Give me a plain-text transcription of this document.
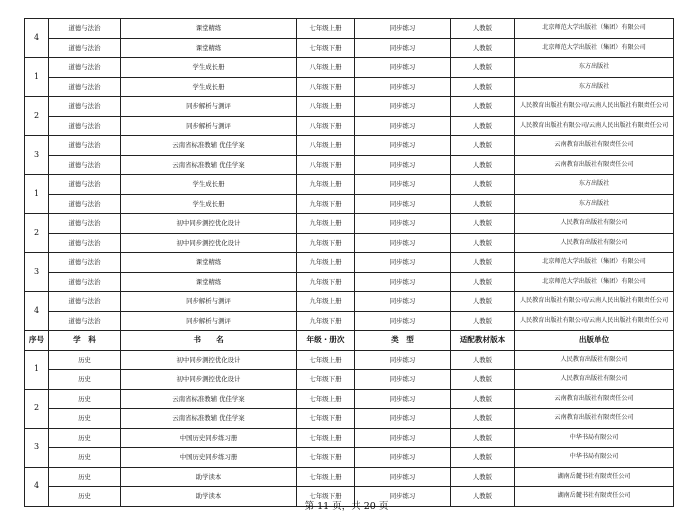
4	道德与法治	课堂精练	七年级上册	同步练习	人教版	北京师范大学出版社（集团）有限公司
	道德与法治	课堂精练	七年级下册	同步练习	人教版	北京师范大学出版社（集团）有限公司
1	道德与法治	学生成长册	八年级上册	同步练习	人教版	东方出版社
	道德与法治	学生成长册	八年级下册	同步练习	人教版	东方出版社
2	道德与法治	同步解析与测评	八年级上册	同步练习	人教版	人民教育出版社有限公司/云南人民出版社有限责任公司
	道德与法治	同步解析与测评	八年级下册	同步练习	人教版	人民教育出版社有限公司/云南人民出版社有限责任公司
3	道德与法治	云南省标准教辅 优佳学案	八年级上册	同步练习	人教版	云南教育出版社有限责任公司
	道德与法治	云南省标准教辅 优佳学案	八年级下册	同步练习	人教版	云南教育出版社有限责任公司
1	道德与法治	学生成长册	九年级上册	同步练习	人教版	东方出版社
	道德与法治	学生成长册	九年级下册	同步练习	人教版	东方出版社
2	道德与法治	初中同步测控优化设计	九年级上册	同步练习	人教版	人民教育出版社有限公司
	道德与法治	初中同步测控优化设计	九年级下册	同步练习	人教版	人民教育出版社有限公司
3	道德与法治	课堂精练	九年级上册	同步练习	人教版	北京师范大学出版社（集团）有限公司
	道德与法治	课堂精练	九年级下册	同步练习	人教版	北京师范大学出版社（集团）有限公司
4	道德与法治	同步解析与测评	九年级上册	同步练习	人教版	人民教育出版社有限公司/云南人民出版社有限责任公司
	道德与法治	同步解析与测评	九年级下册	同步练习	人教版	人民教育出版社有限公司/云南人民出版社有限责任公司
序号	学　科	书　　名	年级・册次	类　型	适配教材版本	出版单位
1	历史	初中同步测控优化设计	七年级上册	同步练习	人教版	人民教育出版社有限公司
	历史	初中同步测控优化设计	七年级下册	同步练习	人教版	人民教育出版社有限公司
2	历史	云南省标准教辅 优佳学案	七年级上册	同步练习	人教版	云南教育出版社有限责任公司
	历史	云南省标准教辅 优佳学案	七年级下册	同步练习	人教版	云南教育出版社有限责任公司
3	历史	中国历史同步练习册	七年级上册	同步练习	人教版	中华书局有限公司
	历史	中国历史同步练习册	七年级下册	同步练习	人教版	中华书局有限公司
4	历史	助学读本	七年级上册	同步练习	人教版	湖南岳麓书社有限责任公司
	历史	助学读本	七年级下册	同步练习	人教版	湖南岳麓书社有限责任公司
第 11 页，共 20 页
